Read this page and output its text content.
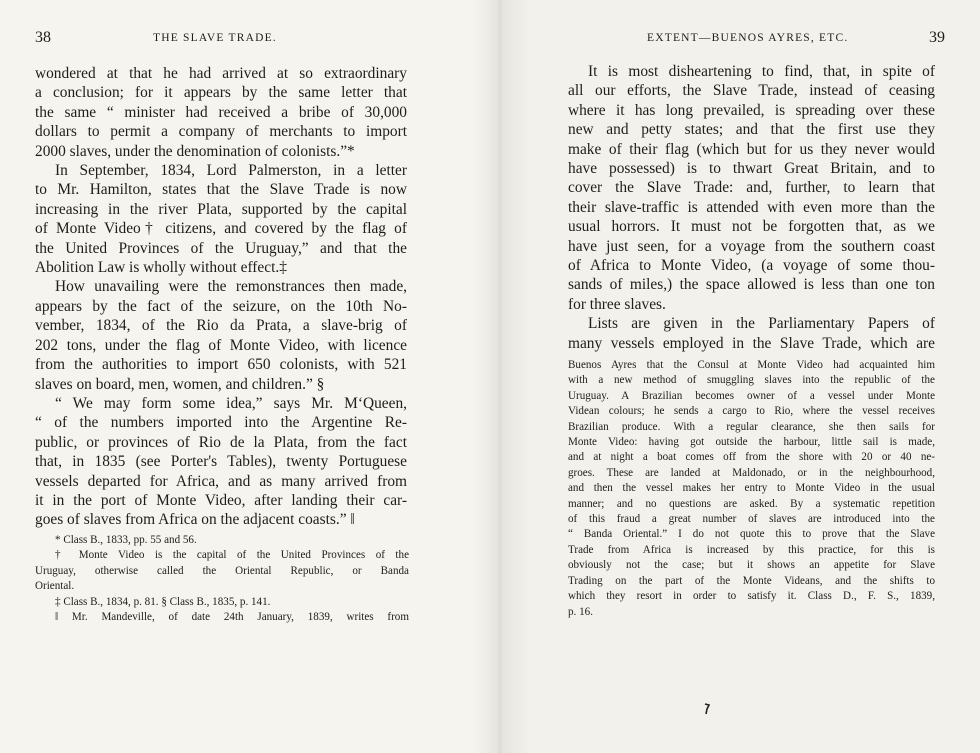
38	THE SLAVE TRADE.
wondered at that he had arrived at so extraordinary
a conclusion; for it appears by the same letter that
the same “ minister had received a bribe of 30,000
dollars to permit a company of merchants to import
2000 slaves, under the denomination of colonists.”*
In September, 1834, Lord Palmerston, in a letter
to Mr. Hamilton, states that the Slave Trade is now
increasing in the river Plata, supported by the capital
of Monte Video† citizens, and covered by the flag of
the United Provinces of the Uruguay,” and that the
Abolition Law is wholly without effect.‡
How unavailing were the remonstrances then made,
appears by the fact of the seizure, on the 10th No-
vember, 1834, of the Rio da Prata, a slave-brig of
202 tons, under the flag of Monte Video, with licence
from the authorities to import 650 colonists, with 521
slaves on board, men, women, and children.” §
“ We may form some idea,” says Mr. M‘Queen,
“ of the numbers imported into the Argentine Re-
public, or provinces of Rio de la Plata, from the fact
that, in 1835 (see Porter's Tables), twenty Portuguese
vessels departed for Africa, and as many arrived from
it in the port of Monte Video, after landing their car-
goes of slaves from Africa on the adjacent coasts.” ‖
* Class B., 1833, pp. 55 and 56.
† Monte Video is the capital of the United Provinces of the
Uruguay, otherwise called the Oriental Republic, or Banda
Oriental.
‡ Class B., 1834, p. 81. § Class B., 1835, p. 141.
‖ Mr. Mandeville, of date 24th January, 1839, writes from
EXTENT—BUENOS AYRES, ETC.	39
It is most disheartening to find, that, in spite of
all our efforts, the Slave Trade, instead of ceasing
where it has long prevailed, is spreading over these
new and petty states; and that the first use they
make of their flag (which but for us they never would
have possessed) is to thwart Great Britain, and to
cover the Slave Trade: and, further, to learn that
their slave-traffic is attended with even more than the
usual horrors. It must not be forgotten that, as we
have just seen, for a voyage from the southern coast
of Africa to Monte Video, (a voyage of some thou-
sands of miles,) the space allowed is less than one ton
for three slaves.
Lists are given in the Parliamentary Papers of
many vessels employed in the Slave Trade, which are
Buenos Ayres that the Consul at Monte Video had acquainted him
with a new method of smuggling slaves into the republic of the
Uruguay. A Brazilian becomes owner of a vessel under Monte
Videan colours; he sends a cargo to Rio, where the vessel receives
Brazilian produce. With a regular clearance, she then sails for
Monte Video: having got outside the harbour, little sail is made,
and at night a boat comes off from the shore with 20 or 40 ne-
groes. These are landed at Maldonado, or in the neighbourhood,
and then the vessel makes her entry to Monte Video in the usual
manner; and no questions are asked. By a systematic repetition
of this fraud a great number of slaves are introduced into the
“ Banda Oriental.” I do not quote this to prove that the Slave
Trade from Africa is increased by this practice, for this is
obviously not the case; but it shows an appetite for Slave
Trading on the part of the Monte Videans, and the shifts to
which they resort in order to satisfy it. Class D., F. S., 1839,
p. 16.
